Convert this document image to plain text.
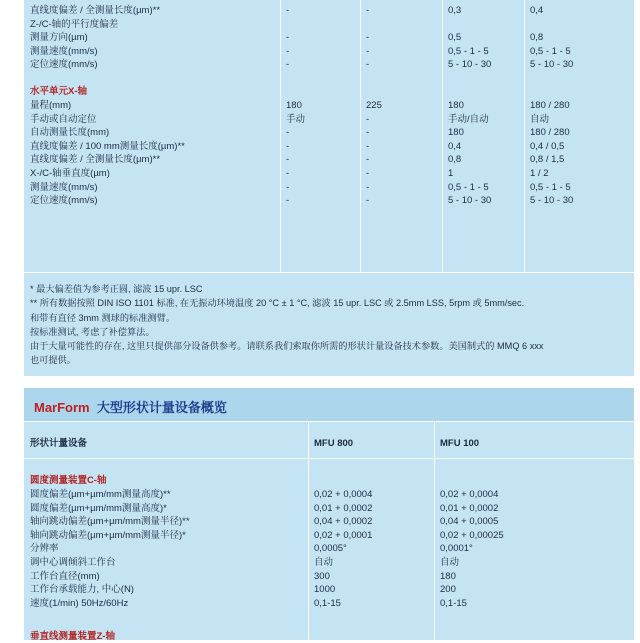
直线度偏差 / 全测量长度(µm)**	-	-	0,3	0,4
Z-/C-轴的平行度偏差
测量方向(µm)	-	-	0,5	0,8
测量速度(mm/s)	-	-	0,5 - 1 - 5	0,5 - 1 - 5
定位速度(mm/s)	-	-	5 - 10 - 30	5 - 10 - 30
水平单元X-轴
量程(mm)	180	225	180	180 / 280
手动或自动定位	手动	-	手动/自动	自动
自动测量长度(mm)	-	-	180	180 / 280
直线度偏差 / 100 mm测量长度(µm)**	-	-	0,4	0,4 / 0,5
直线度偏差 / 全测量长度(µm)**	-	-	0,8	0,8 / 1,5
X-/C-轴垂直度(µm)	-	-	1	1 / 2
测量速度(mm/s)	-	-	0,5 - 1 - 5	0,5 - 1 - 5
定位速度(mm/s)	-	-	5 - 10 - 30	5 - 10 - 30
* 最大偏差值为参考正圆, 滤波 15 upr. LSC
** 所有数据按照 DIN ISO 1101 标准, 在无振动环境温度 20 °C ± 1 °C, 滤波 15 upr. LSC 或 2.5mm LSS, 5rpm 或 5mm/sec.
和带有直径 3mm 测球的标准测臂。
按标准测试, 考虑了补偿算法。
由于大量可能性的存在, 这里只提供部分设备供参考。请联系我们索取你所需的形状计量设备技术参数。美国制式的 MMQ 6 xxx
也可提供。
MarForm 大型形状计量设备概览
形状计量设备	MFU 800	MFU 100
圆度测量装置C-轴
圆度偏差(µm+µm/mm测量高度)**	0,02 + 0,0004	0,02 + 0,0004
圆度偏差(µm+µm/mm测量高度)*	0,01 + 0,0002	0,01 + 0,0002
轴向跳动偏差(µm+µm/mm测量半径)**	0,04 + 0,0002	0,04 + 0,0005
轴向跳动偏差(µm+µm/mm测量半径)*	0,02 + 0,0001	0,02 + 0,00025
分辨率	0,0005°	0,0001°
调中心调倾斜工作台	自动	自动
工作台直径(mm)	300	180
工作台承载能力, 中心(N)	1000	200
速度(1/min) 50Hz/60Hz	0,1-15	0,1-15
垂直线测量装置Z-轴
